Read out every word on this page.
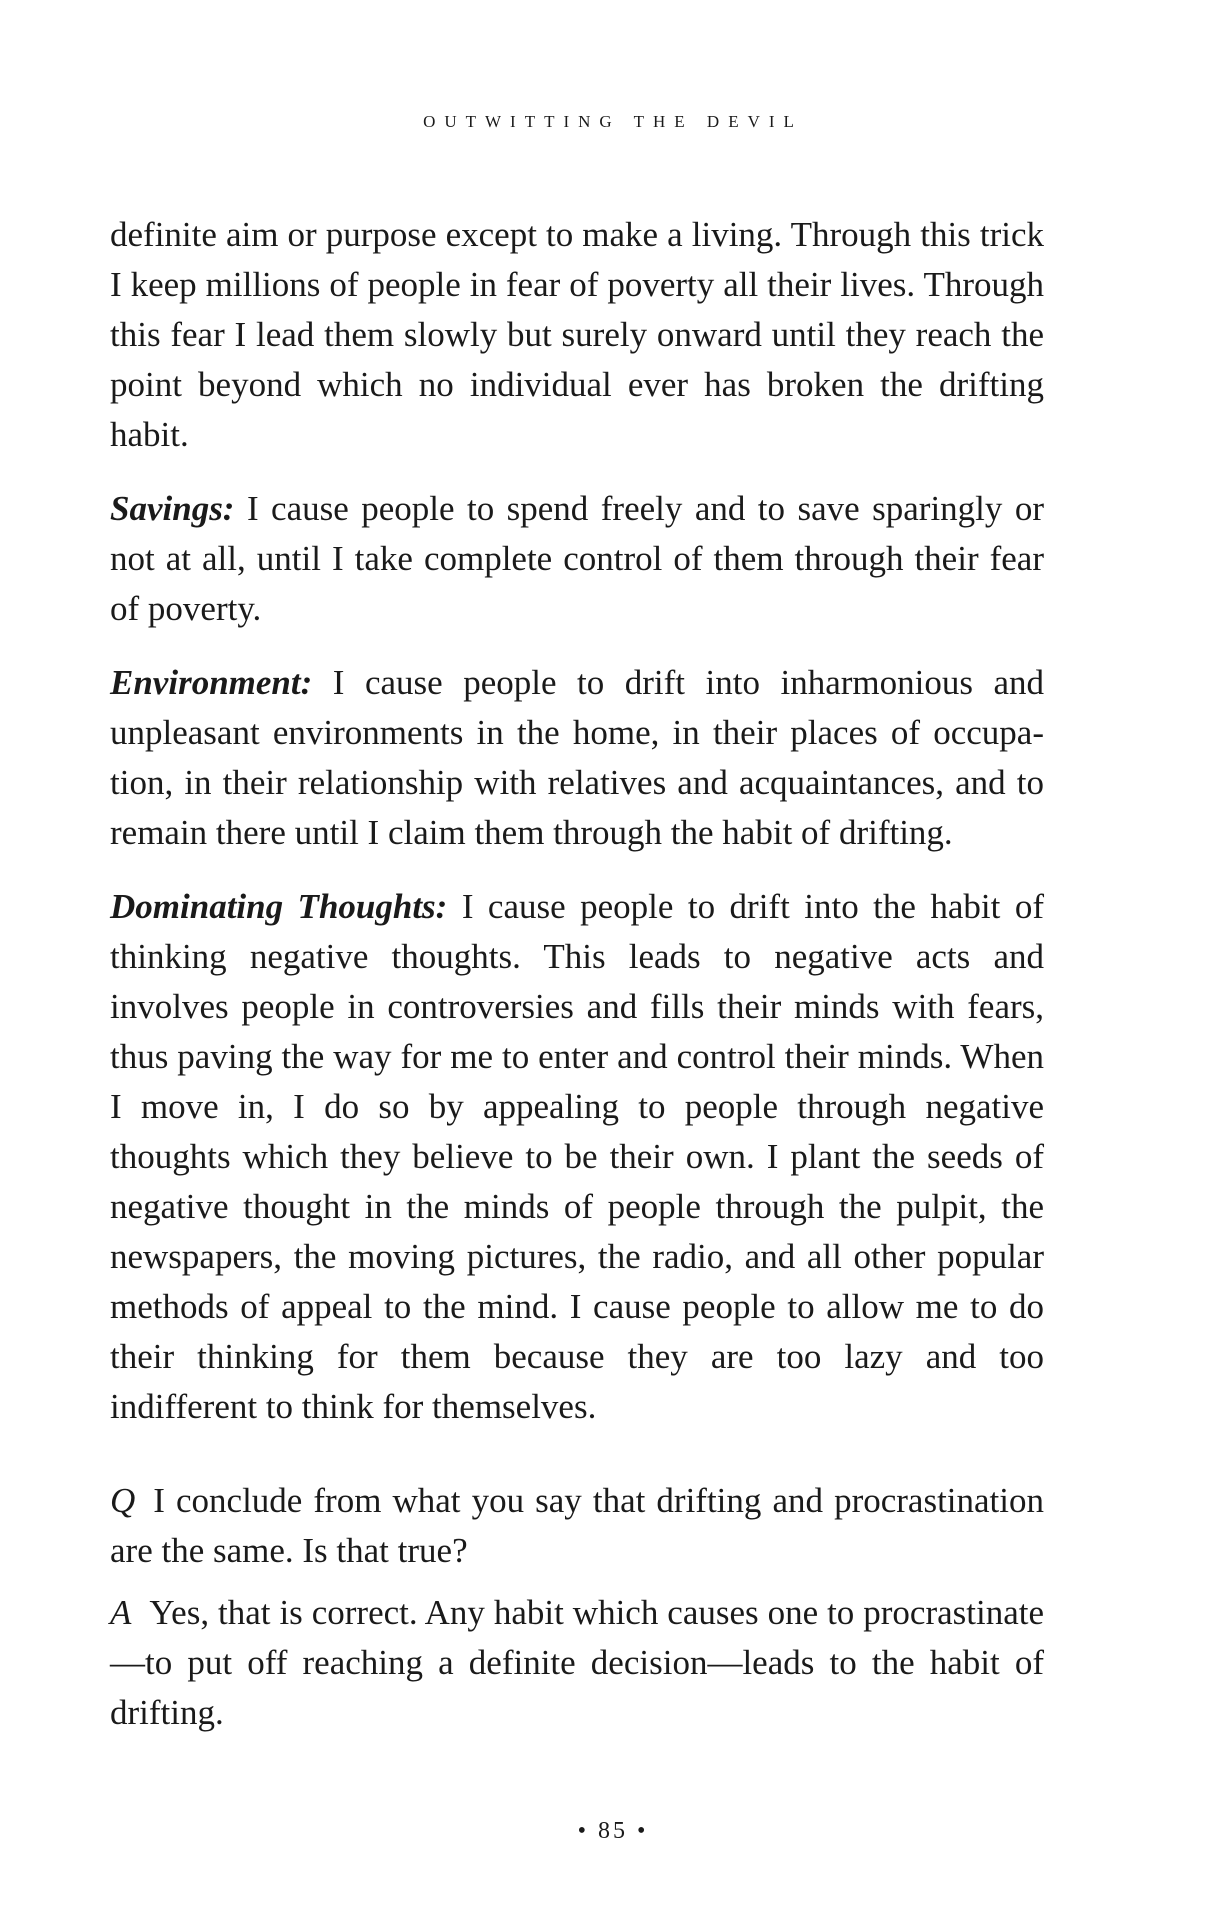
OUTWITTING THE DEVIL

definite aim or purpose except to make a living. Through this trick I keep millions of people in fear of poverty all their lives. Through this fear I lead them slowly but surely onward until they reach the point beyond which no individual ever has broken the drifting habit.

Savings: I cause people to spend freely and to save sparingly or not at all, until I take complete control of them through their fear of poverty.

Environment: I cause people to drift into inharmonious and unpleasant environments in the home, in their places of occupation, in their relationship with relatives and acquaintances, and to remain there until I claim them through the habit of drifting.

Dominating Thoughts: I cause people to drift into the habit of thinking negative thoughts. This leads to negative acts and involves people in controversies and fills their minds with fears, thus paving the way for me to enter and control their minds. When I move in, I do so by appealing to people through negative thoughts which they believe to be their own. I plant the seeds of negative thought in the minds of people through the pulpit, the newspapers, the moving pictures, the radio, and all other popular methods of appeal to the mind. I cause people to allow me to do their thinking for them because they are too lazy and too indifferent to think for themselves.

Q I conclude from what you say that drifting and procrastination are the same. Is that true?

A Yes, that is correct. Any habit which causes one to procrastinate—to put off reaching a definite decision—leads to the habit of drifting.

• 85 •
